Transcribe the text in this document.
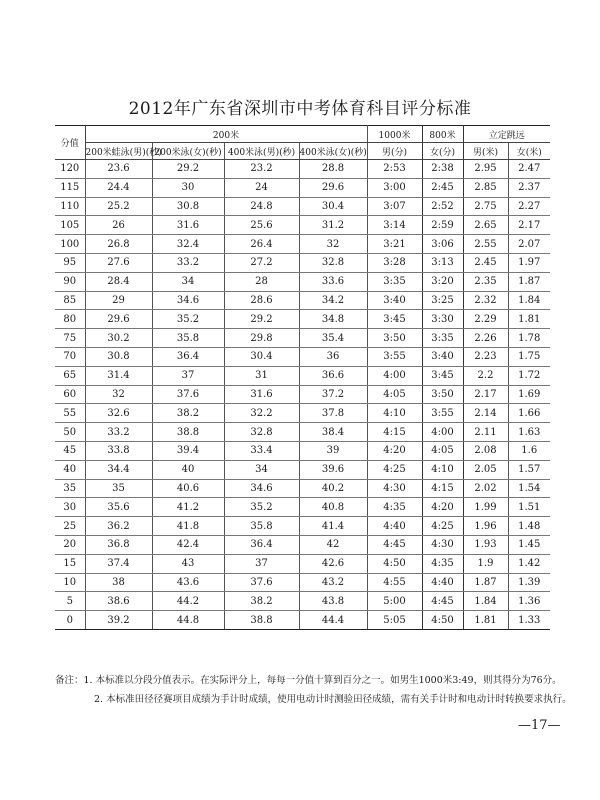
2012年广东省深圳市中考体育科目评分标准
分值	200米				1000米	800米	立定跳远	
	200米蛙泳(男)(秒)	200米泳(女)(秒)	400米泳(男)(秒)	400米泳(女)(秒)	男(分)	女(分)	男(米)	女(米)
120	23.6	29.2	23.2	28.8	2:53	2:38	2.95	2.47
115	24.4	30	24	29.6	3:00	2:45	2.85	2.37
110	25.2	30.8	24.8	30.4	3:07	2:52	2.75	2.27
105	26	31.6	25.6	31.2	3:14	2:59	2.65	2.17
100	26.8	32.4	26.4	32	3:21	3:06	2.55	2.07
95	27.6	33.2	27.2	32.8	3:28	3:13	2.45	1.97
90	28.4	34	28	33.6	3:35	3:20	2.35	1.87
85	29	34.6	28.6	34.2	3:40	3:25	2.32	1.84
80	29.6	35.2	29.2	34.8	3:45	3:30	2.29	1.81
75	30.2	35.8	29.8	35.4	3:50	3:35	2.26	1.78
70	30.8	36.4	30.4	36	3:55	3:40	2.23	1.75
65	31.4	37	31	36.6	4:00	3:45	2.2	1.72
60	32	37.6	31.6	37.2	4:05	3:50	2.17	1.69
55	32.6	38.2	32.2	37.8	4:10	3:55	2.14	1.66
50	33.2	38.8	32.8	38.4	4:15	4:00	2.11	1.63
45	33.8	39.4	33.4	39	4:20	4:05	2.08	1.6
40	34.4	40	34	39.6	4:25	4:10	2.05	1.57
35	35	40.6	34.6	40.2	4:30	4:15	2.02	1.54
30	35.6	41.2	35.2	40.8	4:35	4:20	1.99	1.51
25	36.2	41.8	35.8	41.4	4:40	4:25	1.96	1.48
20	36.8	42.4	36.4	42	4:45	4:30	1.93	1.45
15	37.4	43	37	42.6	4:50	4:35	1.9	1.42
10	38	43.6	37.6	43.2	4:55	4:40	1.87	1.39
5	38.6	44.2	38.2	43.8	5:00	4:45	1.84	1.36
0	39.2	44.8	38.8	44.4	5:05	4:50	1.81	1.33
备注：1. 本标准以分段分值表示。在实际评分上，每每一分值十算到百分之一。如男生1000米3:49，则其得分为76分。
2. 本标准田径径赛项目成绩为手计时成绩，使用电动计时测验田径成绩，需有关手计时和电动计时转换要求执行。
—17—
